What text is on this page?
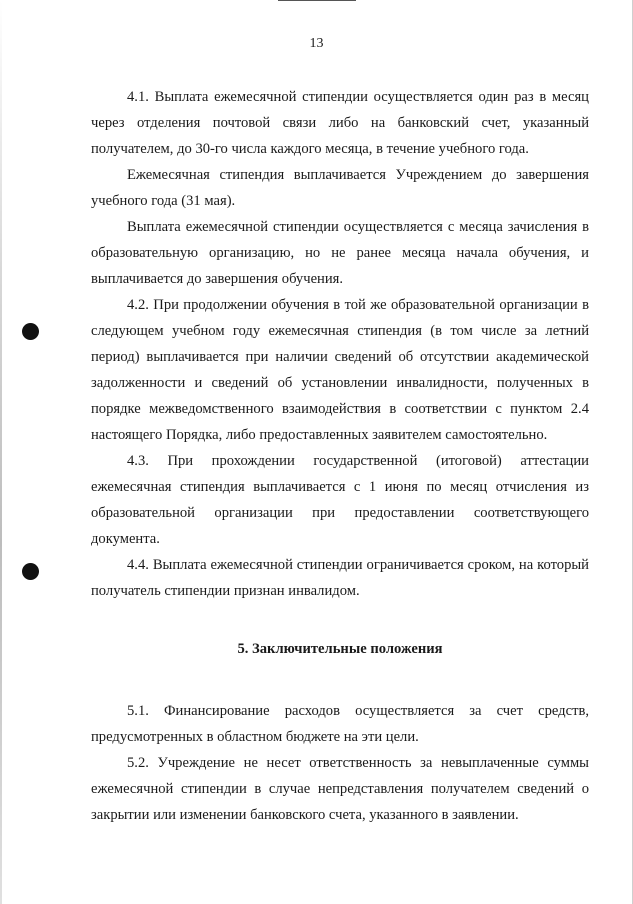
13

4.1. Выплата ежемесячной стипендии осуществляется один раз в месяц через отделения почтовой связи либо на банковский счет, указанный получателем, до 30-го числа каждого месяца, в течение учебного года.

Ежемесячная стипендия выплачивается Учреждением до завершения учебного года (31 мая).

Выплата ежемесячной стипендии осуществляется с месяца зачисления в образовательную организацию, но не ранее месяца начала обучения, и выплачивается до завершения обучения.

4.2. При продолжении обучения в той же образовательной организации в следующем учебном году ежемесячная стипендия (в том числе за летний период) выплачивается при наличии сведений об отсутствии академической задолженности и сведений об установлении инвалидности, полученных в порядке межведомственного взаимодействия в соответствии с пунктом 2.4 настоящего Порядка, либо предоставленных заявителем самостоятельно.

4.3. При прохождении государственной (итоговой) аттестации ежемесячная стипендия выплачивается с 1 июня по месяц отчисления из образовательной организации при предоставлении соответствующего документа.

4.4. Выплата ежемесячной стипендии ограничивается сроком, на который получатель стипендии признан инвалидом.

5. Заключительные положения

5.1. Финансирование расходов осуществляется за счет средств, предусмотренных в областном бюджете на эти цели.

5.2. Учреждение не несет ответственность за невыплаченные суммы ежемесячной стипендии в случае непредставления получателем сведений о закрытии или изменении банковского счета, указанного в заявлении.
